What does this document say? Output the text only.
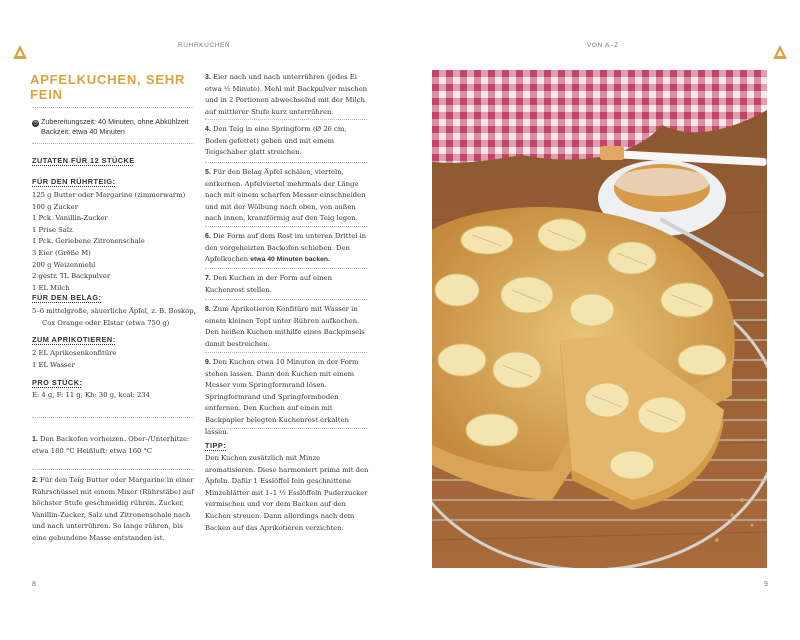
RÜHRKUCHEN	VON A–Z
APFELKUCHEN, SEHR FEIN
◷ Zubereitungszeit: 40 Minuten, ohne Abkühlzeit
Backzeit: etwa 40 Minuten
ZUTATEN FÜR 12 STÜCKE
FÜR DEN RÜHRTEIG:
125 g Butter oder Margarine (zimmerwarm)
100 g Zucker
1 Pck. Vanillin-Zucker
1 Prise Salz
1 Pck. Geriebene Zitronenschale
3 Eier (Größe M)
200 g Weizenmehl
2 gestr. TL Backpulver
1 EL Milch
FÜR DEN BELAG:
5–6 mittelgroße, säuerliche Äpfel, z. B. Boskop, Cox Orange oder Elstar (etwa 750 g)
ZUM APRIKOTIEREN:
2 EL Aprikosenkonfitüre
1 EL Wasser
PRO STÜCK:
E: 4 g, F: 11 g, Kh: 30 g, kcal: 234
1. Den Backofen vorheizen. Ober-/Unterhitze: etwa 180 °C Heißluft: etwa 160 °C
2. Für den Teig Butter oder Margarine in einer Rührschüssel mit einem Mixer (Rührstäbe) auf höchster Stufe geschmeidig rühren. Zucker, Vanillin-Zucker, Salz und Zitronenschale nach und nach unterrühren. So lange rühren, bis eine gebundene Masse entstanden ist.
3. Eier nach und nach unterrühren (jedes Ei etwa ½ Minute). Mehl mit Backpulver mischen und in 2 Portionen abwechselnd mit der Milch auf mittlerer Stufe kurz unterrühren.
4. Den Teig in eine Springform (Ø 26 cm, Boden gefettet) geben und mit einem Teigschaber glatt streichen.
5. Für den Belag Äpfel schälen, vierteln, entkernen. Apfelviertel mehrmals der Länge nach mit einem scharfen Messer einschneiden und mit der Wölbung nach oben, von außen nach innen, kranzförmig auf den Teig legen.
6. Die Form auf dem Rost im unteren Drittel in den vorgeheizten Backofen schieben. Den Apfelkuchen etwa 40 Minuten backen.
7. Den Kuchen in der Form auf einen Kuchenrost stellen.
8. Zum Aprikotieren Konfitüre mit Wasser in einem kleinen Topf unter Rühren aufkochen. Den heißen Kuchen mithilfe eines Backpinsels damit bestreichen.
9. Den Kuchen etwa 10 Minuten in der Form stehen lassen. Dann den Kuchen mit einem Messer vom Springformrand lösen. Springformrand und Springformboden entfernen. Den Kuchen auf einen mit Backpapier belegten Kuchenrost erkalten lassen.
TIPP:
Den Kuchen zusätzlich mit Minze aromatisieren. Diese harmoniert prima mit den Äpfeln. Dafür 1 Esslöffel fein geschnittene Minzeblätter mit 1–1 ½ Esslöffeln Puderzucker vermischen und vor dem Backen auf den Kuchen streuen. Dann allerdings nach dem Backen auf das Aprikotieren verzichten.
8	9
